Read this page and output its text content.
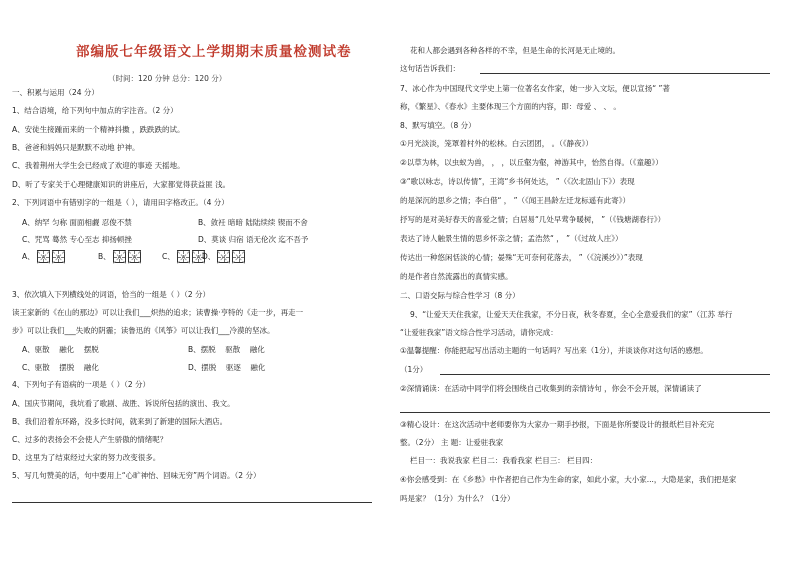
部编版七年级语文上学期期末质量检测试卷
（时间：120 分钟 总分：120 分）
一、积累与运用（24 分）
1、结合语境，给下列句中加点的字注音。（2 分）
A、安徒生接踵而来的一个精神抖擞 ，跌跌跌的试。
B、爸爸和妈妈只是默默不动地 护神。
C、我着荆州大学生会已经成了欢迎的事迹 天摇地。
D、听了专家关于心理健康知识的讲座后，大家都觉得获益匪 浅。
2、下列词语中有错别字的一组是（ ），请用田字格改正。（4 分）
A、纳罕 匀称 面面相觑 忍俊不禁	B、敛衽 暗暗 陆陆续续 锲而不舍
C、咒骂 蓦然 专心至志 抑扬顿挫	D、莫谈 归宿 语无伦次 迄不吾予
A、	B、	C、	D、
3、依次填入下列横线处的词语，恰当的一组是（ ）（2 分）
读王家新的《在山的那边》可以让我们___炽热的追求；读曹操·亨特的《走一步，再走一
步》可以让我们___失败的阴霾；读鲁迅的《风筝》可以让我们___冷漠的坚冰。
A、驱散 融化 摆脱	B、摆脱 驱散 融化
C、驱散 摆脱 融化	D、摆脱 驱逐 融化
4、下列句子有语病的一项是（ ）（2 分）
A、国庆节期间，我坑看了歌剧、战胜、诉说所包括的演出、我文。
B、我们沿着东环路，没多长时间，就来到了新建的国际大酒店。
C、过多的表扬会不会使人产生骄傲的情绪呢？
D、这里为了结束经过大家的努力改变很多。
5、写几句赞美的话，句中要用上“心旷神怡、回味无穷”两个词语。（2 分）
花和人都会遇到各种各样的不幸，但是生命的长河是无止境的。
这句话告诉我们：
7、冰心作为中国现代文学史上第一位著名女作家，她一步入文坛，便以宣扬“ ”著
称，《繁星》、《春水》主要体现三个方面的内容，即：母爱 、 、 。
8、默写填空。（8 分）
①月光淡淡，笼罩着村外的松林。白云团团， 。（《静夜》）
②以草为林，以虫蚁为兽， ， ，以丘壑为壑，神游其中，怡然自得。（《童趣》）
③“歌以咏志，诗以传情”，王湾“乡书何处达， ”（《次北固山下》）表现
的是深沉的思乡之情；李白借“ ， ”（《闻王昌龄左迁龙标遥有此寄》）
抒写的是对美好春天的喜爱之情；白居易“几处早莺争暖树， ”（《钱塘湖春行》）
表达了诗人触景生情的思乡怀亲之情；孟浩然“ ， ”（《过故人庄》）
传达出一种悠闲恬淡的心情；晏殊“无可奈何花落去， ”（《浣溪沙》）”表现
的是作者自然流露出的真情实感。
二、口语交际与综合性学习（8 分）
9、“让爱天天住我家，让爱天天住我家，不分日夜，秋冬春夏，全心全意爱我们的家”（江苏 举行
“让爱驻我家”语文综合性学习活动，请你完成：
①温馨提醒：你能把起写出活动主题的一句话吗？写出来（1分），并谈谈你对这句话的感想。
（1分）
②深情诵读：在活动中同学们将会围绕自己收集到的亲情诗句 ，你会不会开展，深情诵读了
③精心设计：在这次活动中老师要你为大家办一期手抄报，下面是你所要设计的报纸栏目补充完
整。（2分） 主 题：让爱驻我家
栏目一：我说我家 栏目二：我看我家 栏目三： 栏目四：
④你会感受到：在《乡愁》中作者把自己作为生命的家，如此小家，大小家...，大隐是家，我们把是家
吗是家？（1分）为什么？（1分）
